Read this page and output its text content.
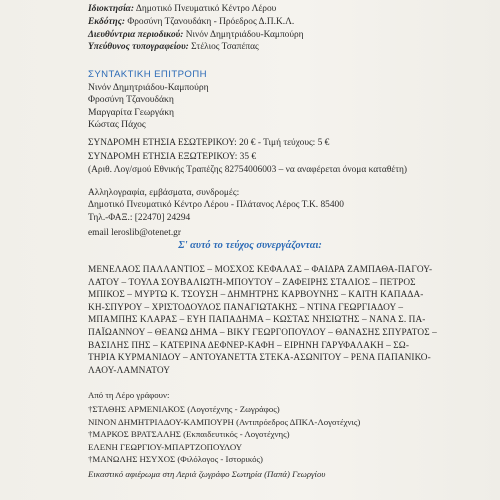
Ιδιοκτησία: Δημοτικό Πνευματικό Κέντρο Λέρου
Εκδότης: Φροσύνη Τζανουδάκη - Πρόεδρος Δ.Π.Κ.Λ.
Διευθύντρια περιοδικού: Νινόν Δημητριάδου-Καμπούρη
Υπεύθυνος τυπογραφείου: Στέλιος Τσαπέπας
ΣΥΝΤΑΚΤΙΚΗ ΕΠΙΤΡΟΠΗ
Νινόν Δημητριάδου-Καμπούρη
Φροσύνη Τζανουδάκη
Μαργαρίτα Γεωργάκη
Κώστας Πάχος
ΣΥΝΔΡΟΜΗ ΕΤΗΣΙΑ ΕΣΩΤΕΡΙΚΟΥ: 20 € - Τιμή τεύχους: 5 €
ΣΥΝΔΡΟΜΗ ΕΤΗΣΙΑ ΕΞΩΤΕΡΙΚΟΥ: 35 €
(Αριθ. Λογ/σμού Εθνικής Τραπέζης 82754006003 – να αναφέρεται όνομα καταθέτη)
Αλληλογραφία, εμβάσματα, συνδρομές:
Δημοτικό Πνευματικό Κέντρο Λέρου - Πλάτανος Λέρος Τ.Κ. 85400
Τηλ.-ΦΑΞ.: [22470] 24294
email leroslib@otenet.gr
Σ' αυτό το τεύχος συνεργάζονται:
ΜΕΝΕΛΑΟΣ ΠΑΛΛΑΝΤΙΟΣ – ΜΟΣΧΟΣ ΚΕΦΑΛΑΣ – ΦΑΙΔΡΑ ΖΑΜΠΑΘΑ-ΠΑΓΟΥ-
ΛΑΤΟΥ – ΤΟΥΛΑ ΣΟΥΒΑΛΙΩΤΗ-ΜΠΟΥΤΟΥ – ΖΑΦΕΙΡΗΣ ΣΤΑΛΙΟΣ – ΠΕΤΡΟΣ
ΜΠΙΚΟΣ – ΜΥΡΤΩ Κ. ΤΣΟΥΣΗ – ΔΗΜΗΤΡΗΣ ΚΑΡΒΟΥΝΗΣ – ΚΑΙΤΗ ΚΑΠΑΔΑ-
ΚΗ-ΣΠΥΡΟΥ – ΧΡΙΣΤΟΔΟΥΛΟΣ ΠΑΝΑΓΙΩΤΑΚΗΣ – ΝΤΙΝΑ ΓΕΩΡΓΙΑΔΟΥ –
ΜΠΑΜΠΗΣ ΚΛΑΡΑΣ – ΕΥΗ ΠΑΠΑΔΗΜΑ – ΚΩΣΤΑΣ ΝΗΣΙΩΤΗΣ – ΝΑΝΑ Σ. ΠΑ-
ΠΑΪΩΑΝΝΟΥ – ΘΕΑΝΩ ΔΗΜΑ – ΒΙΚΥ ΓΕΩΡΓΟΠΟΥΛΟΥ – ΘΑΝΑΣΗΣ ΣΠΥΡΑΤΟΣ –
ΒΑΣΙΛΗΣ ΠΗΣ – ΚΑΤΕΡΙΝΑ ΔΕΦΝΕΡ-ΚΑΦΗ – ΕΙΡΗΝΗ ΓΑΡΥΦΑΛΑΚΗ – ΣΩ-
ΤΗΡΙΑ ΚΥΡΜΑΝΙΔΟΥ – ΑΝΤΟΥΑΝΕΤΤΑ ΣΤΕΚΑ-ΑΣΩΝΙΤΟΥ – ΡΕΝΑ ΠΑΠΑΝΙΚΟ-
ΛΑΟΥ-ΛΑΜΝΑΤΟΥ
Από τη Λέρο γράφουν:
†ΣΤΑΘΗΣ ΑΡΜΕΝΙΑΚΟΣ (Λογοτέχνης - Ζωγράφος)
ΝΙΝΟΝ ΔΗΜΗΤΡΙΑΔΟΥ-ΚΑΜΠΟΥΡΗ (Αντιπρόεδρος ΔΠΚΛ-Λογοτέχνις)
†ΜΑΡΚΟΣ ΒΡΑΤΣΑΛΗΣ (Εκπαιδευτικός - Λογοτέχνης)
ΕΛΕΝΗ ΓΕΩΡΓΙΟΥ-ΜΠΑΡΤΖΟΠΟΥΛΟΥ
†ΜΑΝΩΛΗΣ ΗΣΥΧΟΣ (Φιλόλογος - Ιστορικός)
Εικαστικό αφιέρωμα στη Λεριά ζωγράφο Σωτηρία (Παπά) Γεωργίου
